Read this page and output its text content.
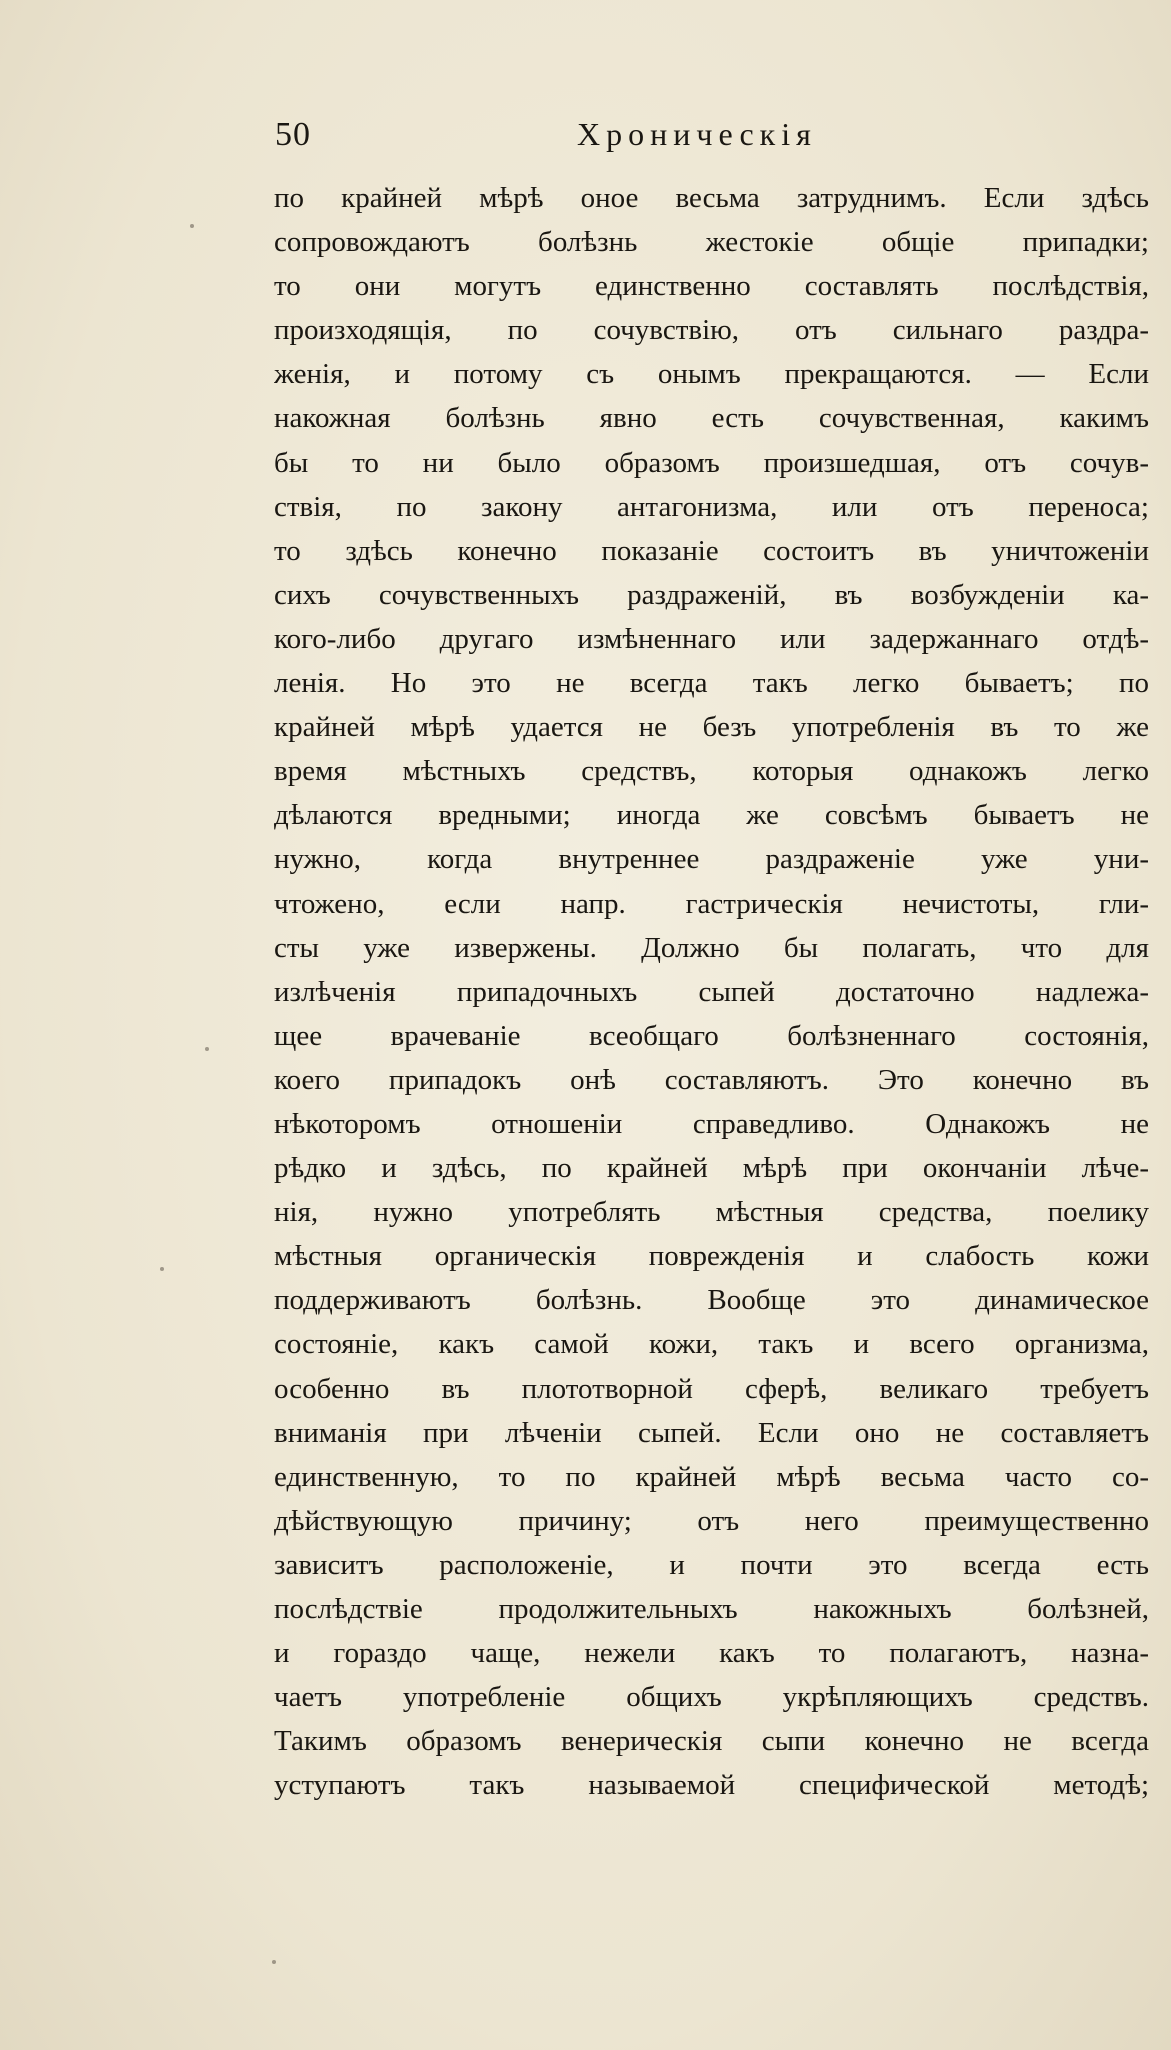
50	Хроническія
по крайней мѣрѣ оное весьма затруднимъ. Если здѣсь
сопровождаютъ болѣзнь жестокіе общіе припадки;
то они могутъ единственно составлять послѣдствія,
произходящія, по сочувствію, отъ сильнаго раздра-
женія, и потому съ онымъ прекращаются. — Если
накожная болѣзнь явно есть сочувственная, какимъ
бы то ни было образомъ произшедшая, отъ сочув-
ствія, по закону антагонизма, или отъ переноса;
то здѣсь конечно показаніе состоитъ въ уничтоженіи
сихъ сочувственныхъ раздраженій, въ возбужденіи ка-
кого-либо другаго измѣненнаго или задержаннаго отдѣ-
ленія. Но это не всегда такъ легко бываетъ; по
крайней мѣрѣ удается не безъ употребленія въ то же
время мѣстныхъ средствъ, которыя однакожъ легко
дѣлаются вредными; иногда же совсѣмъ бываетъ не
нужно, когда внутреннее раздраженіе уже уни-
чтожено, если напр. гастрическія нечистоты, гли-
сты уже извержены. Должно бы полагать, что для
излѣченія припадочныхъ сыпей достаточно надлежа-
щее врачеваніе всеобщаго болѣзненнаго состоянія,
коего припадокъ онѣ составляютъ. Это конечно въ
нѣкоторомъ отношеніи справедливо. Однакожъ не
рѣдко и здѣсь, по крайней мѣрѣ при окончаніи лѣче-
нія, нужно употреблять мѣстныя средства, поелику
мѣстныя органическія поврежденія и слабость кожи
поддерживаютъ болѣзнь. Вообще это динамическое
состояніе, какъ самой кожи, такъ и всего организма,
особенно въ плототворной сферѣ, великаго требуетъ
вниманія при лѣченіи сыпей. Если оно не составляетъ
единственную, то по крайней мѣрѣ весьма часто со-
дѣйствующую причину; отъ него преимущественно
зависитъ расположеніе, и почти это всегда есть
послѣдствіе продолжительныхъ накожныхъ болѣзней,
и гораздо чаще, нежели какъ то полагаютъ, назна-
чаетъ употребленіе общихъ укрѣпляющихъ средствъ.
Такимъ образомъ венерическія сыпи конечно не всегда
уступаютъ такъ называемой специфической методѣ;
